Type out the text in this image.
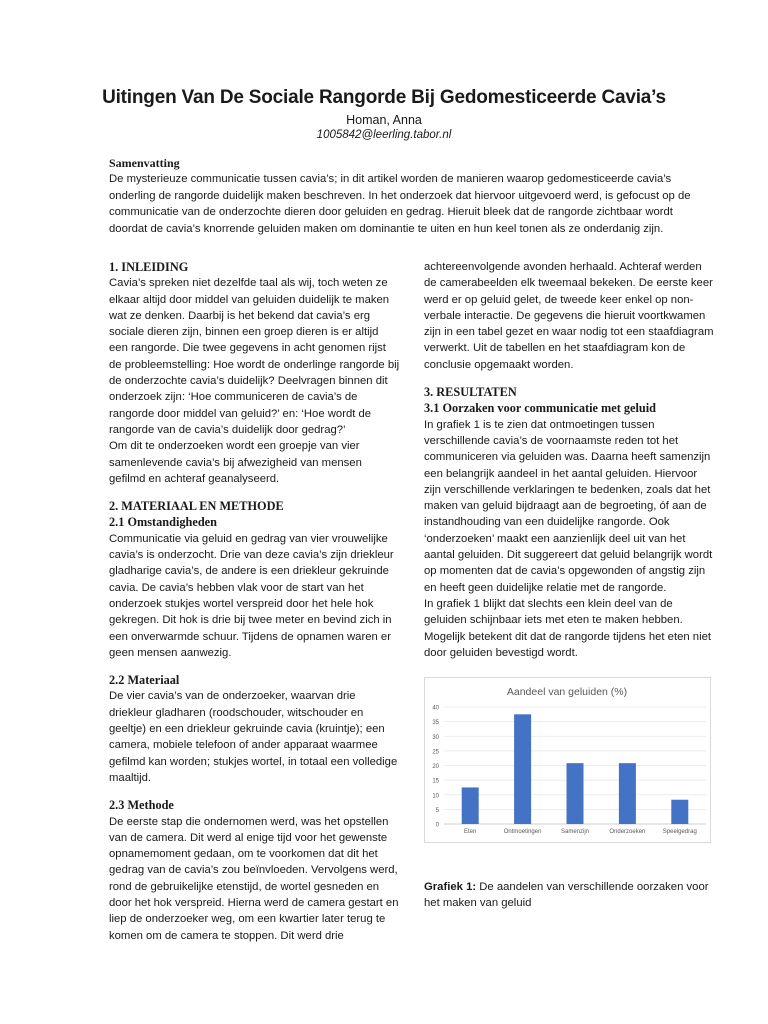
Uitingen Van De Sociale Rangorde Bij Gedomesticeerde Cavia’s
Homan, Anna
1005842@leerling.tabor.nl
Samenvatting
De mysterieuze communicatie tussen cavia’s; in dit artikel worden de manieren waarop gedomesticeerde cavia’s onderling de rangorde duidelijk maken beschreven. In het onderzoek dat hiervoor uitgevoerd werd, is gefocust op de communicatie van de onderzochte dieren door geluiden en gedrag. Hieruit bleek dat de rangorde zichtbaar wordt doordat de cavia’s knorrende geluiden maken om dominantie te uiten en hun keel tonen als ze onderdanig zijn.

1. INLEIDING

Cavia’s spreken niet dezelfde taal als wij, toch weten ze elkaar altijd door middel van geluiden duidelijk te maken wat ze denken. Daarbij is het bekend dat cavia’s erg sociale dieren zijn, binnen een groep dieren is er altijd een rangorde. Die twee gegevens in acht genomen rijst de probleemstelling: Hoe wordt de onderlinge rangorde bij de onderzochte cavia’s duidelijk? Deelvragen binnen dit onderzoek zijn: ‘Hoe communiceren de cavia’s de rangorde door middel van geluid?’ en: ‘Hoe wordt de rangorde van de cavia’s duidelijk door gedrag?’

Om dit te onderzoeken wordt een groepje van vier samenlevende cavia’s bij afwezigheid van mensen gefilmd en achteraf geanalyseerd.

2. MATERIAAL EN METHODE

2.1 Omstandigheden

Communicatie via geluid en gedrag van vier vrouwelijke cavia’s is onderzocht. Drie van deze cavia’s zijn driekleur gladharige cavia’s, de andere is een driekleur gekruinde cavia. De cavia’s hebben vlak voor de start van het onderzoek stukjes wortel verspreid door het hele hok gekregen. Dit hok is drie bij twee meter en bevind zich in een onverwarmde schuur. Tijdens de opnamen waren er geen mensen aanwezig.

2.2 Materiaal

De vier cavia’s van de onderzoeker, waarvan drie driekleur gladharen (roodschouder, witschouder en geeltje) en een driekleur gekruinde cavia (kruintje); een camera, mobiele telefoon of ander apparaat waarmee gefilmd kan worden; stukjes wortel, in totaal een volledige maaltijd.

2.3 Methode

De eerste stap die ondernomen werd, was het opstellen van de camera. Dit werd al enige tijd voor het gewenste opnamemoment gedaan, om te voorkomen dat dit het gedrag van de cavia’s zou beïnvloeden. Vervolgens werd, rond de gebruikelijke etenstijd, de wortel gesneden en door het hok verspreid. Hierna werd de camera gestart en liep de onderzoeker weg, om een kwartier later terug te komen om de camera te stoppen. Dit werd drie

achtereenvolgende avonden herhaald. Achteraf werden de camerabeelden elk tweemaal bekeken. De eerste keer werd er op geluid gelet, de tweede keer enkel op non-verbale interactie. De gegevens die hieruit voortkwamen zijn in een tabel gezet en waar nodig tot een staafdiagram verwerkt. Uit de tabellen en het staafdiagram kon de conclusie opgemaakt worden.

3. RESULTATEN

3.1 Oorzaken voor communicatie met geluid

In grafiek 1 is te zien dat ontmoetingen tussen verschillende cavia’s de voornaamste reden tot het communiceren via geluiden was. Daarna heeft samenzijn een belangrijk aandeel in het aantal geluiden. Hiervoor zijn verschillende verklaringen te bedenken, zoals dat het maken van geluid bijdraagt aan de begroeting, óf aan de instandhouding van een duidelijke rangorde. Ook ‘onderzoeken’ maakt een aanzienlijk deel uit van het aantal geluiden. Dit suggereert dat geluid belangrijk wordt op momenten dat de cavia’s opgewonden of angstig zijn en heeft geen duidelijke relatie met de rangorde.

In grafiek 1 blijkt dat slechts een klein deel van de geluiden schijnbaar iets met eten te maken hebben. Mogelijk betekent dit dat de rangorde tijdens het eten niet door geluiden bevestigd wordt.

Aandeel van geluiden (%)
0
5
10
15
20
25
30
35
40
Eten	Ontmoetingen	Samenzijn	Onderzoeken	Speelgedrag
Grafiek 1: De aandelen van verschillende oorzaken voor het maken van geluid
